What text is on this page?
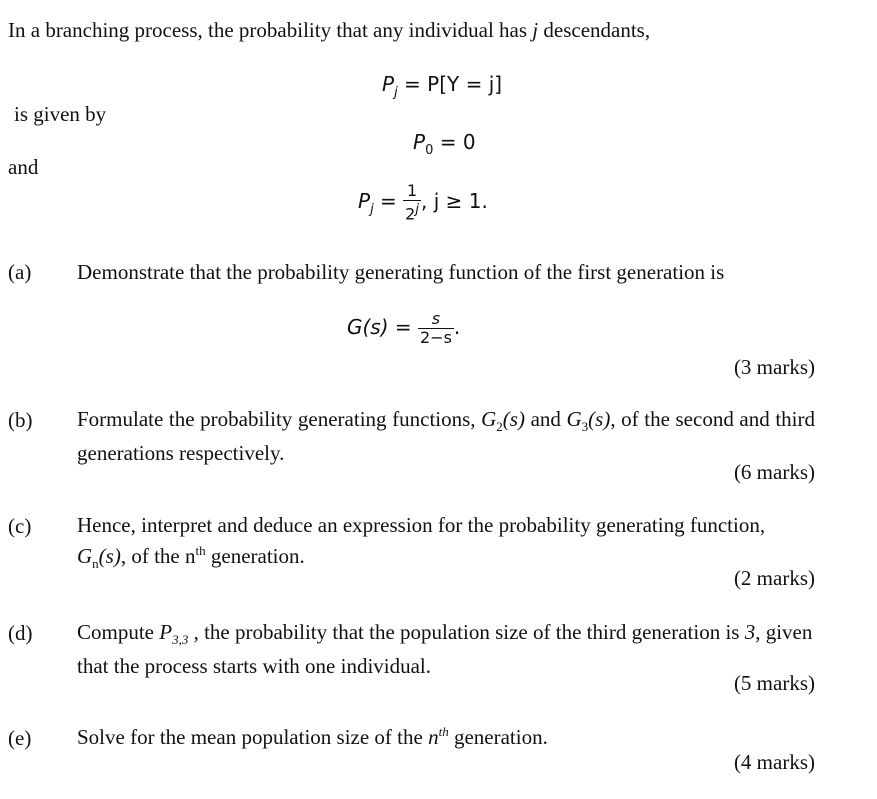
In a branching process, the probability that any individual has j descendants,
$P_j = P[Y = j]$
is given by
$P_0 = 0$
and
$P_j = \frac{1}{2^j}$ , j ≥ 1.
(a) Demonstrate that the probability generating function of the first generation is
$G(s) = \frac{s}{2-s}$ .
(3 marks)
(b) Formulate the probability generating functions, $G_2(s)$ and $G_3(s)$, of the second and third generations respectively.
(6 marks)
(c) Hence, interpret and deduce an expression for the probability generating function, $G_n(s)$, of the $n^{th}$ generation.
(2 marks)
(d) Compute $P_{3,3}$ , the probability that the population size of the third generation is 3, given that the process starts with one individual.
(5 marks)
(e) Solve for the mean population size of the $n^{th}$ generation.
(4 marks)
